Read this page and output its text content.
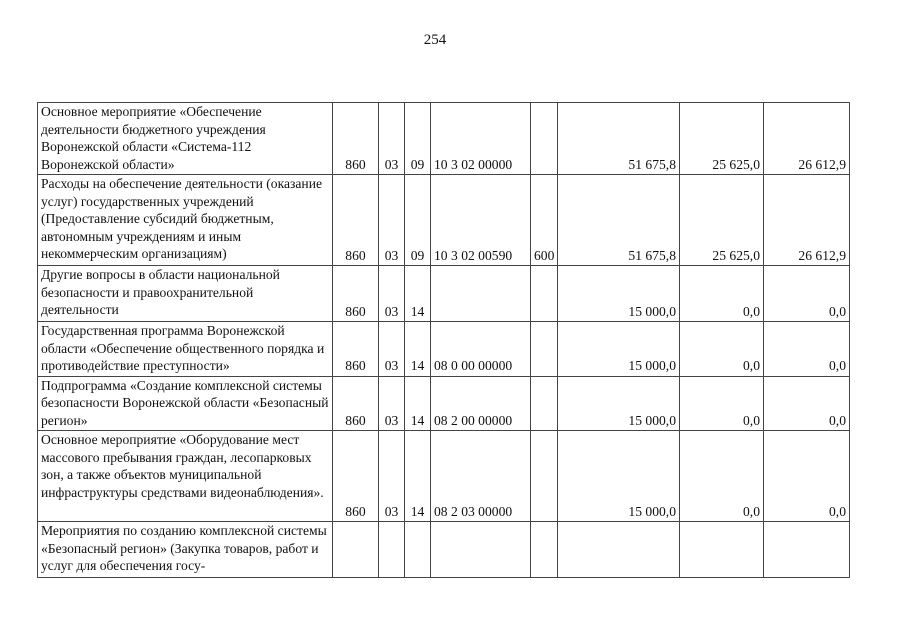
254
Основное мероприятие «Обеспечение деятельности бюджетного учреждения Воронежской области «Система-112 Воронежской области»	860	03	09	10 3 02 00000		51 675,8	25 625,0	26 612,9
Расходы на обеспечение деятельности (оказание услуг) государственных учреждений (Предоставление субсидий бюджетным, автономным учреждениям и иным некоммерческим организациям)	860	03	09	10 3 02 00590	600	51 675,8	25 625,0	26 612,9
Другие вопросы в области национальной безопасности и правоохранительной деятельности	860	03	14			15 000,0	0,0	0,0
Государственная программа Воронежской области «Обеспечение общественного порядка и противодействие преступности»	860	03	14	08 0 00 00000		15 000,0	0,0	0,0
Подпрограмма «Создание комплексной системы безопасности Воронежской области «Безопасный регион»	860	03	14	08 2 00 00000		15 000,0	0,0	0,0
Основное мероприятие «Оборудование мест массового пребывания граждан, лесопарковых зон, а также объектов муниципальной инфраструктуры средствами видеонаблюдения».	860	03	14	08 2 03 00000		15 000,0	0,0	0,0
Мероприятия по созданию комплексной системы «Безопасный регион» (Закупка товаров, работ и услуг для обеспечения госу-								
